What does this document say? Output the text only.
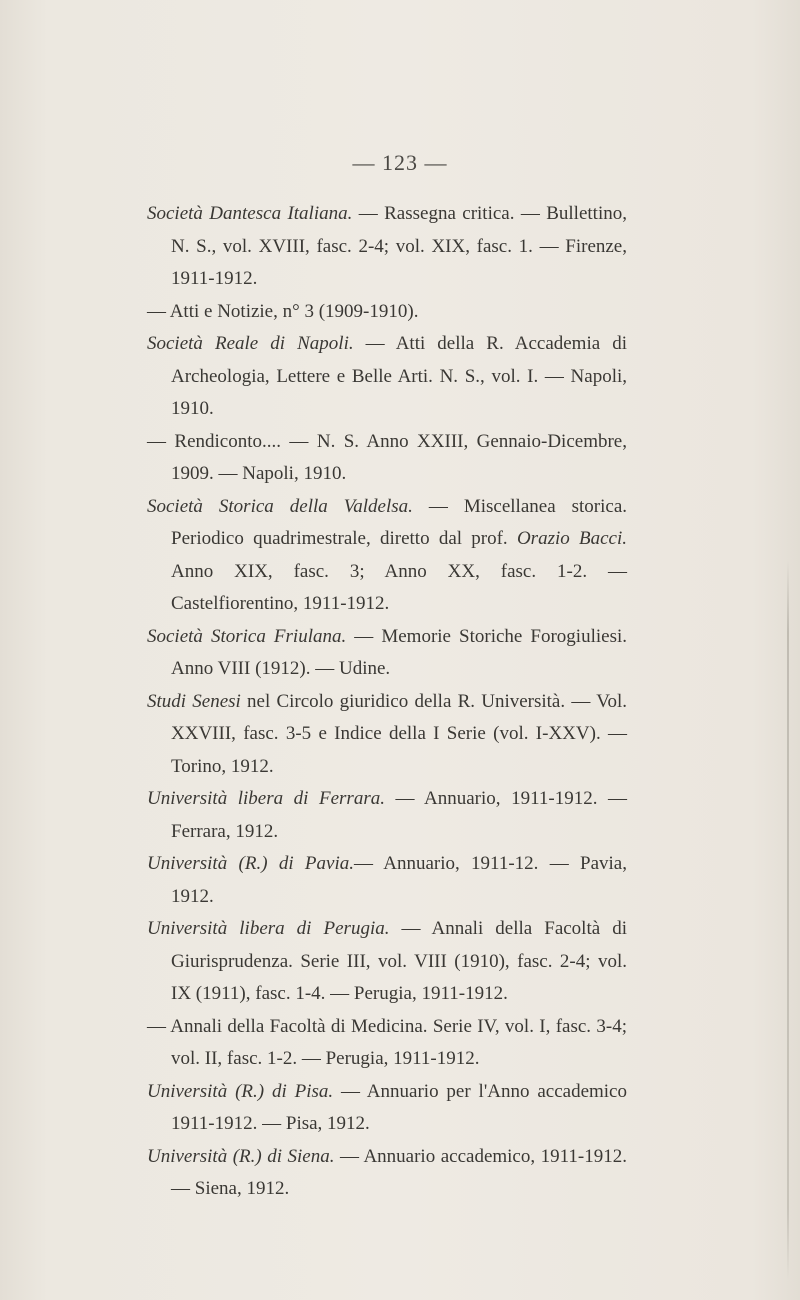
— 123 —

Società Dantesca Italiana. — Rassegna critica. — Bullettino, N. S., vol. XVIII, fasc. 2-4; vol. XIX, fasc. 1. — Firenze, 1911-1912.

— Atti e Notizie, n° 3 (1909-1910).

Società Reale di Napoli. — Atti della R. Accademia di Archeologia, Lettere e Belle Arti. N. S., vol. I. — Napoli, 1910.

— Rendiconto.... — N. S. Anno XXIII, Gennaio-Dicembre, 1909. — Napoli, 1910.

Società Storica della Valdelsa. — Miscellanea storica. Periodico quadrimestrale, diretto dal prof. Orazio Bacci. Anno XIX, fasc. 3; Anno XX, fasc. 1-2. — Castelfiorentino, 1911-1912.

Società Storica Friulana. — Memorie Storiche Forogiuliesi. Anno VIII (1912). — Udine.

Studi Senesi nel Circolo giuridico della R. Università. — Vol. XXVIII, fasc. 3-5 e Indice della I Serie (vol. I-XXV). — Torino, 1912.

Università libera di Ferrara. — Annuario, 1911-1912. — Ferrara, 1912.

Università (R.) di Pavia.— Annuario, 1911-12. — Pavia, 1912.

Università libera di Perugia. — Annali della Facoltà di Giurisprudenza. Serie III, vol. VIII (1910), fasc. 2-4; vol. IX (1911), fasc. 1-4. — Perugia, 1911-1912.

— Annali della Facoltà di Medicina. Serie IV, vol. I, fasc. 3-4; vol. II, fasc. 1-2. — Perugia, 1911-1912.

Università (R.) di Pisa. — Annuario per l'Anno accademico 1911-1912. — Pisa, 1912.

Università (R.) di Siena. — Annuario accademico, 1911-1912. — Siena, 1912.
